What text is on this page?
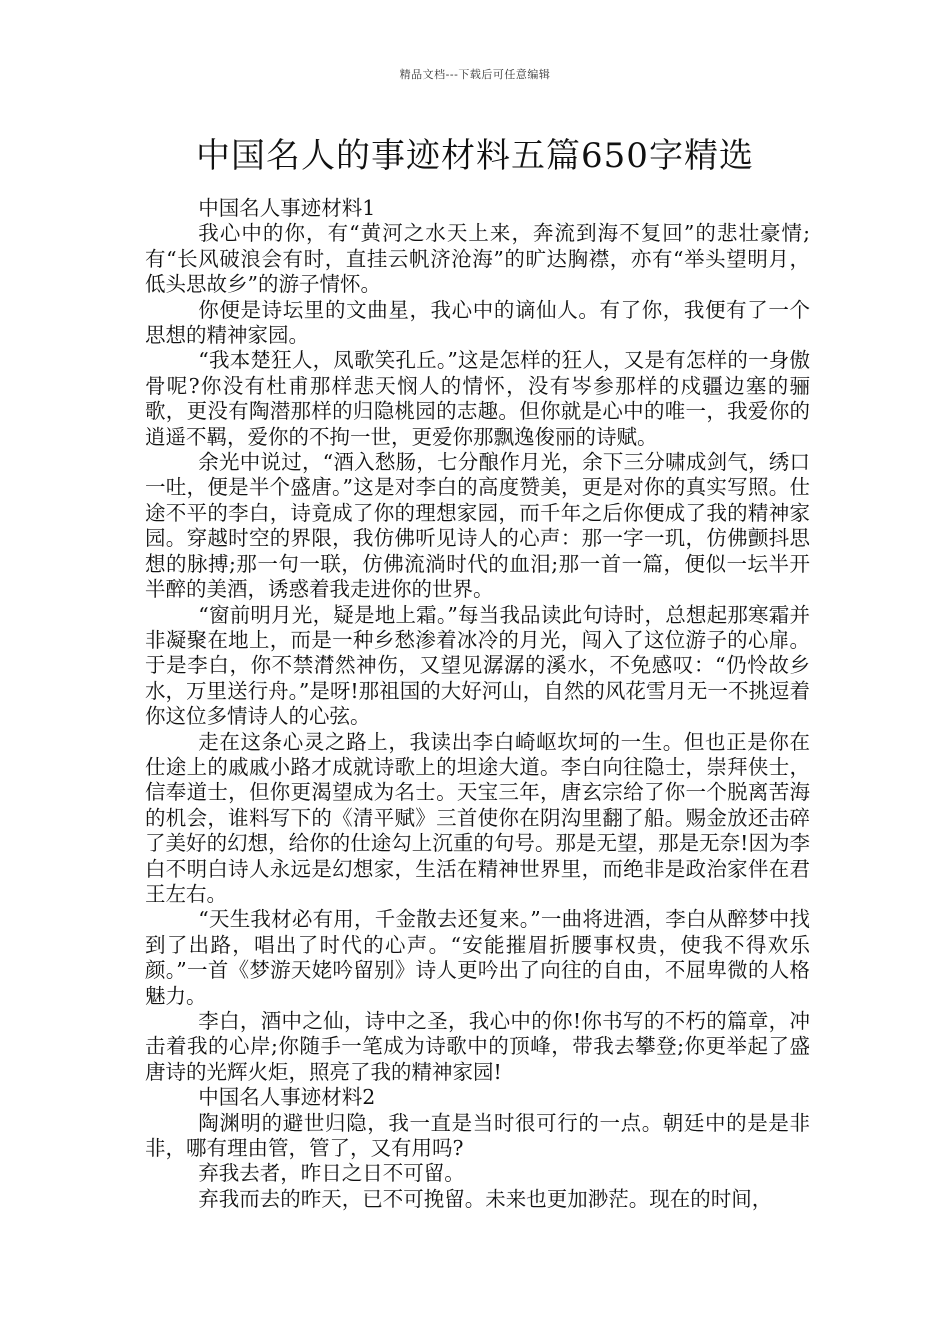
精品文档---下载后可任意编辑
中国名人的事迹材料五篇650字精选

中国名人事迹材料1

我心中的你，有“黄河之水天上来，奔流到海不复回”的悲壮豪情;有“长风破浪会有时，直挂云帆济沧海”的旷达胸襟，亦有“举头望明月，低头思故乡”的游子情怀。

你便是诗坛里的文曲星，我心中的谪仙人。有了你，我便有了一个思想的精神家园。

“我本楚狂人，凤歌笑孔丘。”这是怎样的狂人，又是有怎样的一身傲骨呢?你没有杜甫那样悲天悯人的情怀，没有岑参那样的戍疆边塞的骊歌，更没有陶潜那样的归隐桃园的志趣。但你就是心中的唯一，我爱你的逍遥不羁，爱你的不拘一世，更爱你那飘逸俊丽的诗赋。

余光中说过，“酒入愁肠，七分酿作月光，余下三分啸成剑气，绣口一吐，便是半个盛唐。”这是对李白的高度赞美，更是对你的真实写照。仕途不平的李白，诗竟成了你的理想家园，而千年之后你便成了我的精神家园。穿越时空的界限，我仿佛听见诗人的心声：那一字一玑，仿佛颤抖思想的脉搏;那一句一联，仿佛流淌时代的血泪;那一首一篇，便似一坛半开半醉的美酒，诱惑着我走进你的世界。

“窗前明月光，疑是地上霜。”每当我品读此句诗时，总想起那寒霜并非凝聚在地上，而是一种乡愁渗着冰冷的月光，闯入了这位游子的心扉。于是李白，你不禁潸然神伤，又望见潺潺的溪水，不免感叹：“仍怜故乡水，万里送行舟。”是呀!那祖国的大好河山，自然的风花雪月无一不挑逗着你这位多情诗人的心弦。

走在这条心灵之路上，我读出李白崎岖坎坷的一生。但也正是你在仕途上的戚戚小路才成就诗歌上的坦途大道。李白向往隐士，崇拜侠士，信奉道士，但你更渴望成为名士。天宝三年，唐玄宗给了你一个脱离苦海的机会，谁料写下的《清平赋》三首使你在阴沟里翻了船。赐金放还击碎了美好的幻想，给你的仕途勾上沉重的句号。那是无望，那是无奈!因为李白不明白诗人永远是幻想家，生活在精神世界里，而绝非是政治家伴在君王左右。

“天生我材必有用，千金散去还复来。”一曲将进酒，李白从醉梦中找到了出路，唱出了时代的心声。“安能摧眉折腰事权贵，使我不得欢乐颜。”一首《梦游天姥吟留别》诗人更吟出了向往的自由，不屈卑微的人格魅力。

李白，酒中之仙，诗中之圣，我心中的你!你书写的不朽的篇章，冲击着我的心岸;你随手一笔成为诗歌中的顶峰，带我去攀登;你更举起了盛唐诗的光辉火炬，照亮了我的精神家园!

中国名人事迹材料2

陶渊明的避世归隐，我一直是当时很可行的一点。朝廷中的是是非非，哪有理由管，管了，又有用吗?

弃我去者，昨日之日不可留。

弃我而去的昨天，已不可挽留。未来也更加渺茫。现在的时间，
